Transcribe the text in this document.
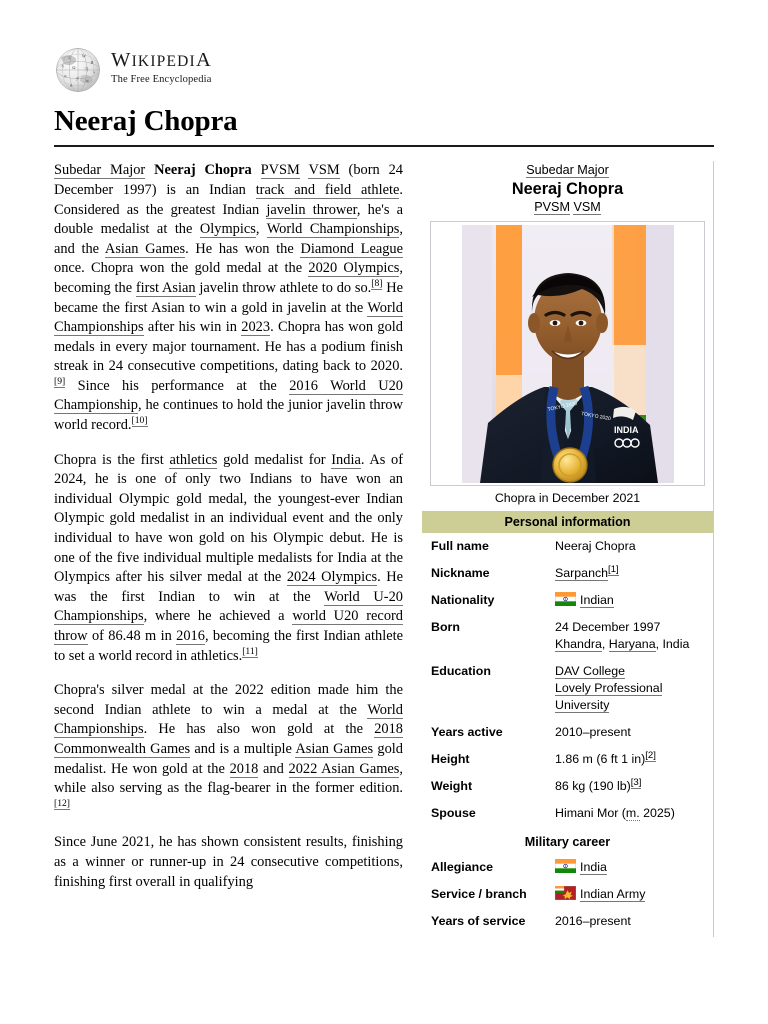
文 W
Я
б Ω 가 ν
א
デ क
ð
WIKIPEDIA
The Free Encyclopedia
Neeraj Chopra
Subedar Major
Neeraj Chopra
PVSM VSM
TOKYO 2020
TOKYO 2020
INDIA
Chopra in December 2021
Personal information
Full name	Neeraj Chopra

Nickname	Sarpanch[1]

Nationality	Indian

Born	24 December 1997
Khandra, Haryana, India

Education	DAV College
Lovely Professional
University

Years active	2010–present

Height	1.86 m (6 ft 1 in)[2]

Weight	86 kg (190 lb)[3]

Spouse	Himani Mor (m. 2025)
Military career
Allegiance	India

Service / branch	Indian Army

Years of service	2016–present

Subedar Major Neeraj Chopra PVSM VSM (born 24 December 1997) is an Indian track and field athlete. Considered as the greatest Indian javelin thrower, he's a double medalist at the Olympics, World Championships, and the Asian Games. He has won the Diamond League once. Chopra won the gold medal at the 2020 Olympics, becoming the first Asian javelin throw athlete to do so.[8] He became the first Asian to win a gold in javelin at the World Championships after his win in 2023. Chopra has won gold medals in every major tournament. He has a podium finish streak in 24 consecutive competitions, dating back to 2020.[9] Since his performance at the 2016 World U20 Championship, he continues to hold the junior javelin throw world record.[10]

Chopra is the first athletics gold medalist for India. As of 2024, he is one of only two Indians to have won an individual Olympic gold medal, the youngest-ever Indian Olympic gold medalist in an individual event and the only individual to have won gold on his Olympic debut. He is one of the five individual multiple medalists for India at the Olympics after his silver medal at the 2024 Olympics. He was the first Indian to win at the World U-20 Championships, where he achieved a world U20 record throw of 86.48 m in 2016, becoming the first Indian athlete to set a world record in athletics.[11]

Chopra's silver medal at the 2022 edition made him the second Indian athlete to win a medal at the World Championships. He has also won gold at the 2018 Commonwealth Games and is a multiple Asian Games gold medalist. He won gold at the 2018 and 2022 Asian Games, while also serving as the flag-bearer in the former edition.[12]

Since June 2021, he has shown consistent results, finishing as a winner or runner-up in 24 consecutive competitions, finishing first overall in qualifying
